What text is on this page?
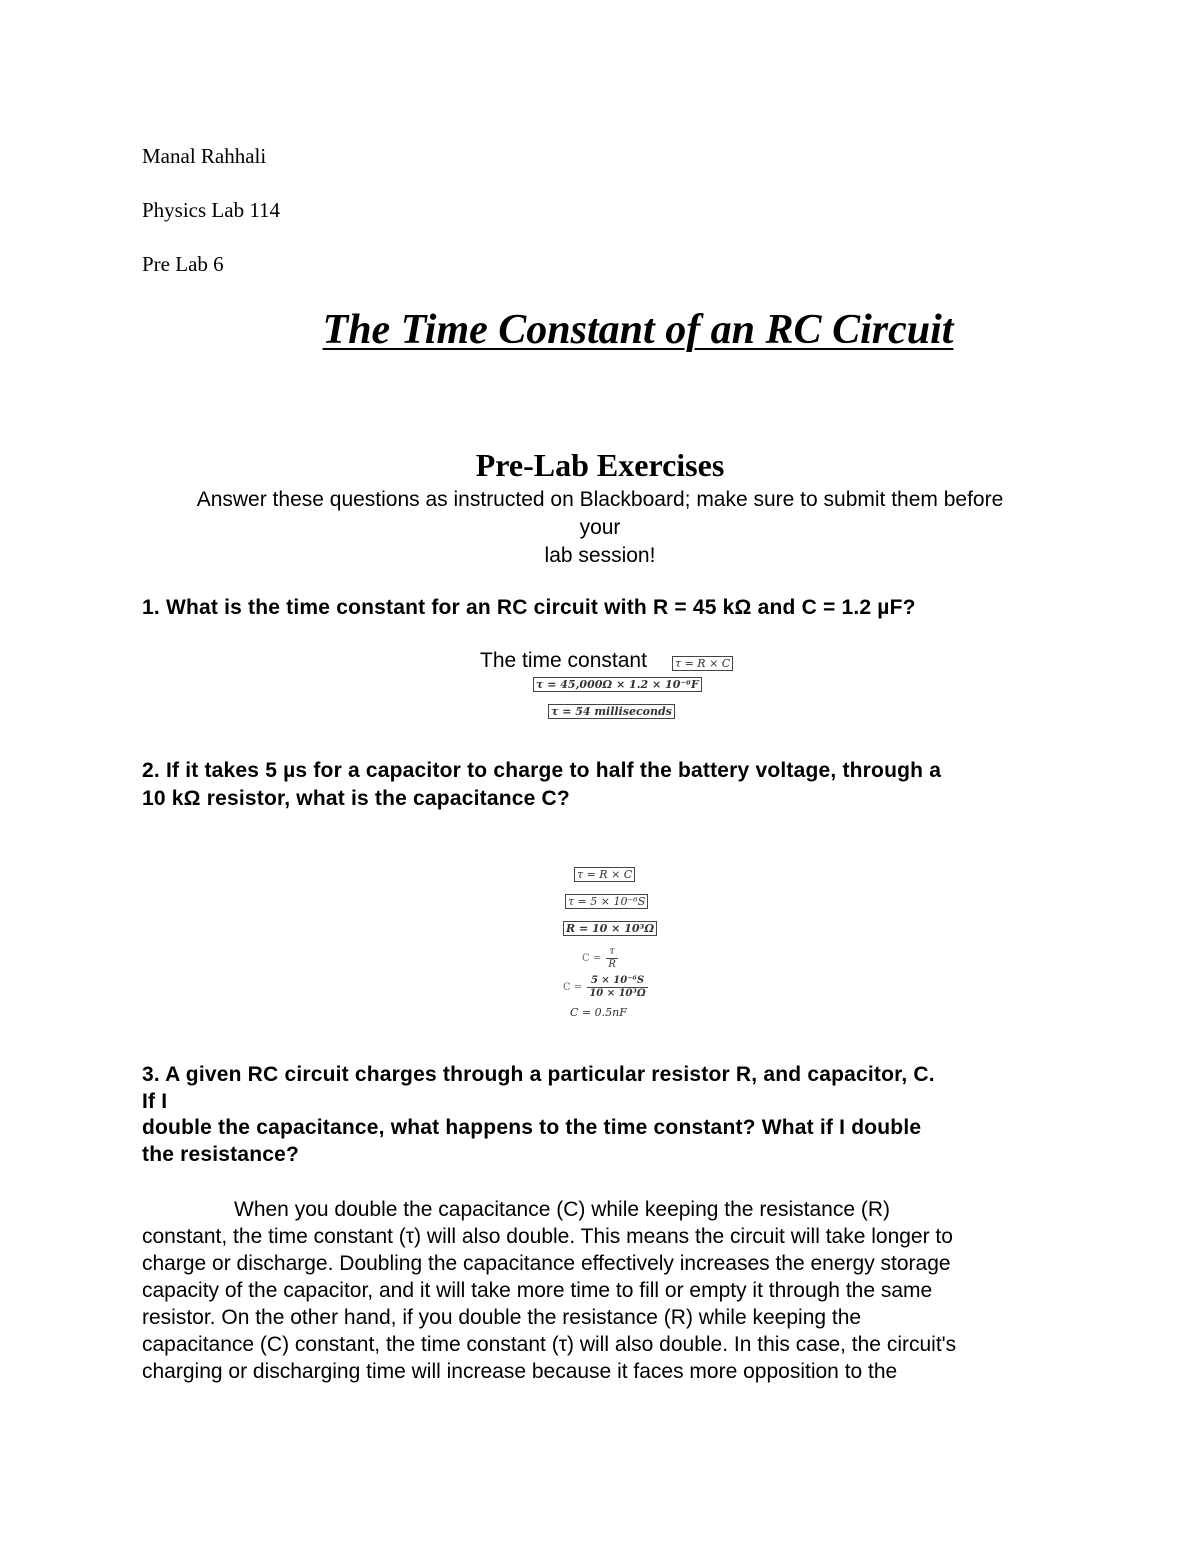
Manal Rahhali
Physics Lab 114
Pre Lab 6
The Time Constant of an RC Circuit
Pre-Lab Exercises
Answer these questions as instructed on Blackboard; make sure to submit them before
your
lab session!
1. What is the time constant for an RC circuit with R = 45 kΩ and C = 1.2 µF?
The time constant	τ = R × C
τ = 45,000Ω × 1.2 × 10⁻⁶F
τ = 54 milliseconds
2. If it takes 5 µs for a capacitor to charge to half the battery voltage, through a
10 kΩ resistor, what is the capacitance C?
τ = R × C
τ = 5 × 10⁻⁶S
R = 10 × 10³Ω
$C = \frac{\tau}{R}$
$C = \frac{\text{5 × 10⁻⁶S}}{\text{10 × 10³Ω}}$
C = 0.5nF
3. A given RC circuit charges through a particular resistor R, and capacitor, C.
If I
double the capacitance, what happens to the time constant? What if I double
the resistance?
When you double the capacitance (C) while keeping the resistance (R)
constant, the time constant (τ) will also double. This means the circuit will take longer to
charge or discharge. Doubling the capacitance effectively increases the energy storage
capacity of the capacitor, and it will take more time to fill or empty it through the same
resistor. On the other hand, if you double the resistance (R) while keeping the
capacitance (C) constant, the time constant (τ) will also double. In this case, the circuit's
charging or discharging time will increase because it faces more opposition to the
